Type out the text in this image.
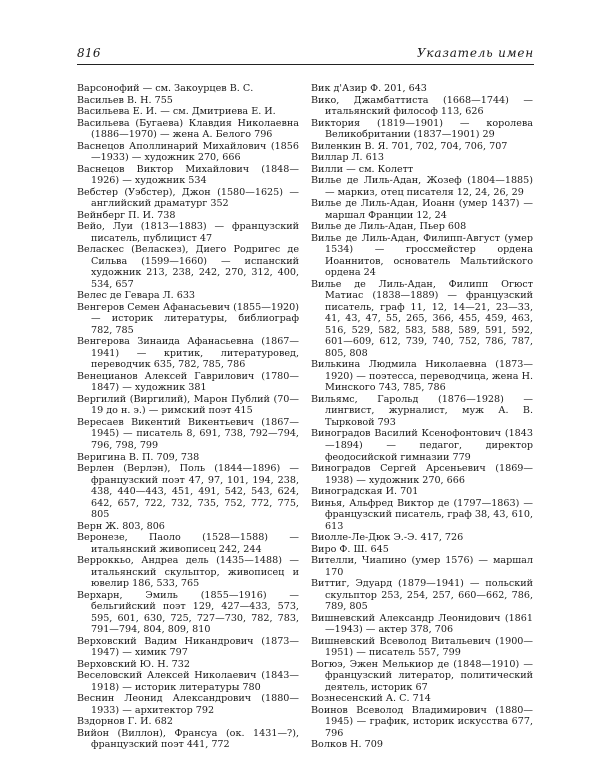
816	Указатель имен

Варсонофий — см. Закоурцев В. С.

Васильев В. Н. 755

Васильева Е. И. — см. Дмитриева Е. И.

Васильева (Бугаева) Клавдия Николаевна (1886—1970) — жена А. Белого 796

Васнецов Аполлинарий Михайлович (1856—1933) — художник 270, 666

Васнецов Виктор Михайлович (1848—1926) — художник 534

Вебстер (Уэбстер), Джон (1580—1625) — английский драматург 352

Вейнберг П. И. 738

Вейо, Луи (1813—1883) — французский писатель, публицист 47

Веласкес (Веласкез), Диего Родригес де Сильва (1599—1660) — испанский художник 213, 238, 242, 270, 312, 400, 534, 657

Велес де Гевара Л. 633

Венгеров Семен Афанасьевич (1855—1920) — историк литературы, библиограф 782, 785

Венгерова Зинаида Афанасьевна (1867—1941) — критик, литературовед, переводчик 635, 782, 785, 786

Венецианов Алексей Гаврилович (1780—1847) — художник 381

Вергилий (Виргилий), Марон Публий (70—19 до н. э.) — римский поэт 415

Вересаев Викентий Викентьевич (1867—1945) — писатель 8, 691, 738, 792—794, 796, 798, 799

Веригина В. П. 709, 738

Верлен (Верлэн), Поль (1844—1896) — французский поэт 47, 97, 101, 194, 238, 438, 440—443, 451, 491, 542, 543, 624, 642, 657, 722, 732, 735, 752, 772, 775, 805

Верн Ж. 803, 806

Веронезе, Паоло (1528—1588) — итальянский живописец 242, 244

Верроккьо, Андреа дель (1435—1488) — итальянский скульптор, живописец и ювелир 186, 533, 765

Верхарн, Эмиль (1855—1916) — бельгийский поэт 129, 427—433, 573, 595, 601, 630, 725, 727—730, 782, 783, 791—794, 804, 809, 810

Верховский Вадим Никандрович (1873—1947) — химик 797

Верховский Ю. Н. 732

Веселовский Алексей Николаевич (1843—1918) — историк литературы 780

Веснин Леонид Александрович (1880—1933) — архитектор 792

Вздорнов Г. И. 682

Вийон (Виллон), Франсуа (ок. 1431—?), французский поэт 441, 772

Вик д'Азир Ф. 201, 643

Вико, Джамбаттиста (1668—1744) — итальянский философ 113, 626

Виктория (1819—1901) — королева Великобритании (1837—1901) 29

Виленкин В. Я. 701, 702, 704, 706, 707

Виллар Л. 613

Вилли — см. Колетт

Вилье де Лиль-Адан, Жозеф (1804—1885) — маркиз, отец писателя 12, 24, 26, 29

Вилье де Лиль-Адан, Иоанн (умер 1437) — маршал Франции 12, 24

Вилье де Лиль-Адан, Пьер 608

Вилье де Лиль-Адан, Филипп-Август (умер 1534) — гроссмейстер ордена Иоаннитов, основатель Мальтийского ордена 24

Вилье де Лиль-Адан, Филипп Огюст Матиас (1838—1889) — французский писатель, граф 11, 12, 14—21, 23—33, 41, 43, 47, 55, 265, 366, 455, 459, 463, 516, 529, 582, 583, 588, 589, 591, 592, 601—609, 612, 739, 740, 752, 786, 787, 805, 808

Вилькина Людмила Николаевна (1873—1920) — поэтесса, переводчица, жена Н. Минского 743, 785, 786

Вильямс, Гарольд (1876—1928) — лингвист, журналист, муж А. В. Тырковой 793

Виноградов Василий Ксенофонтович (1843—1894) — педагог, директор феодосийской гимназии 779

Виноградов Сергей Арсеньевич (1869—1938) — художник 270, 666

Виноградская И. 701

Винья, Альфред Виктор де (1797—1863) — французский писатель, граф 38, 43, 610, 613

Виолле-Ле-Дюк Э.-Э. 417, 726

Виро Ф. Ш. 645

Вителли, Чиапино (умер 1576) — маршал 170

Виттиг, Эдуард (1879—1941) — польский скульптор 253, 254, 257, 660—662, 786, 789, 805

Вишневский Александр Леонидович (1861—1943) — актер 378, 706

Вишневский Всеволод Витальевич (1900—1951) — писатель 557, 799

Вогюэ, Эжен Мелькиор де (1848—1910) — французский литератор, политический деятель, историк 67

Вознесенский А. С. 714

Воинов Всеволод Владимирович (1880—1945) — график, историк искусства 677, 796

Волков Н. 709
